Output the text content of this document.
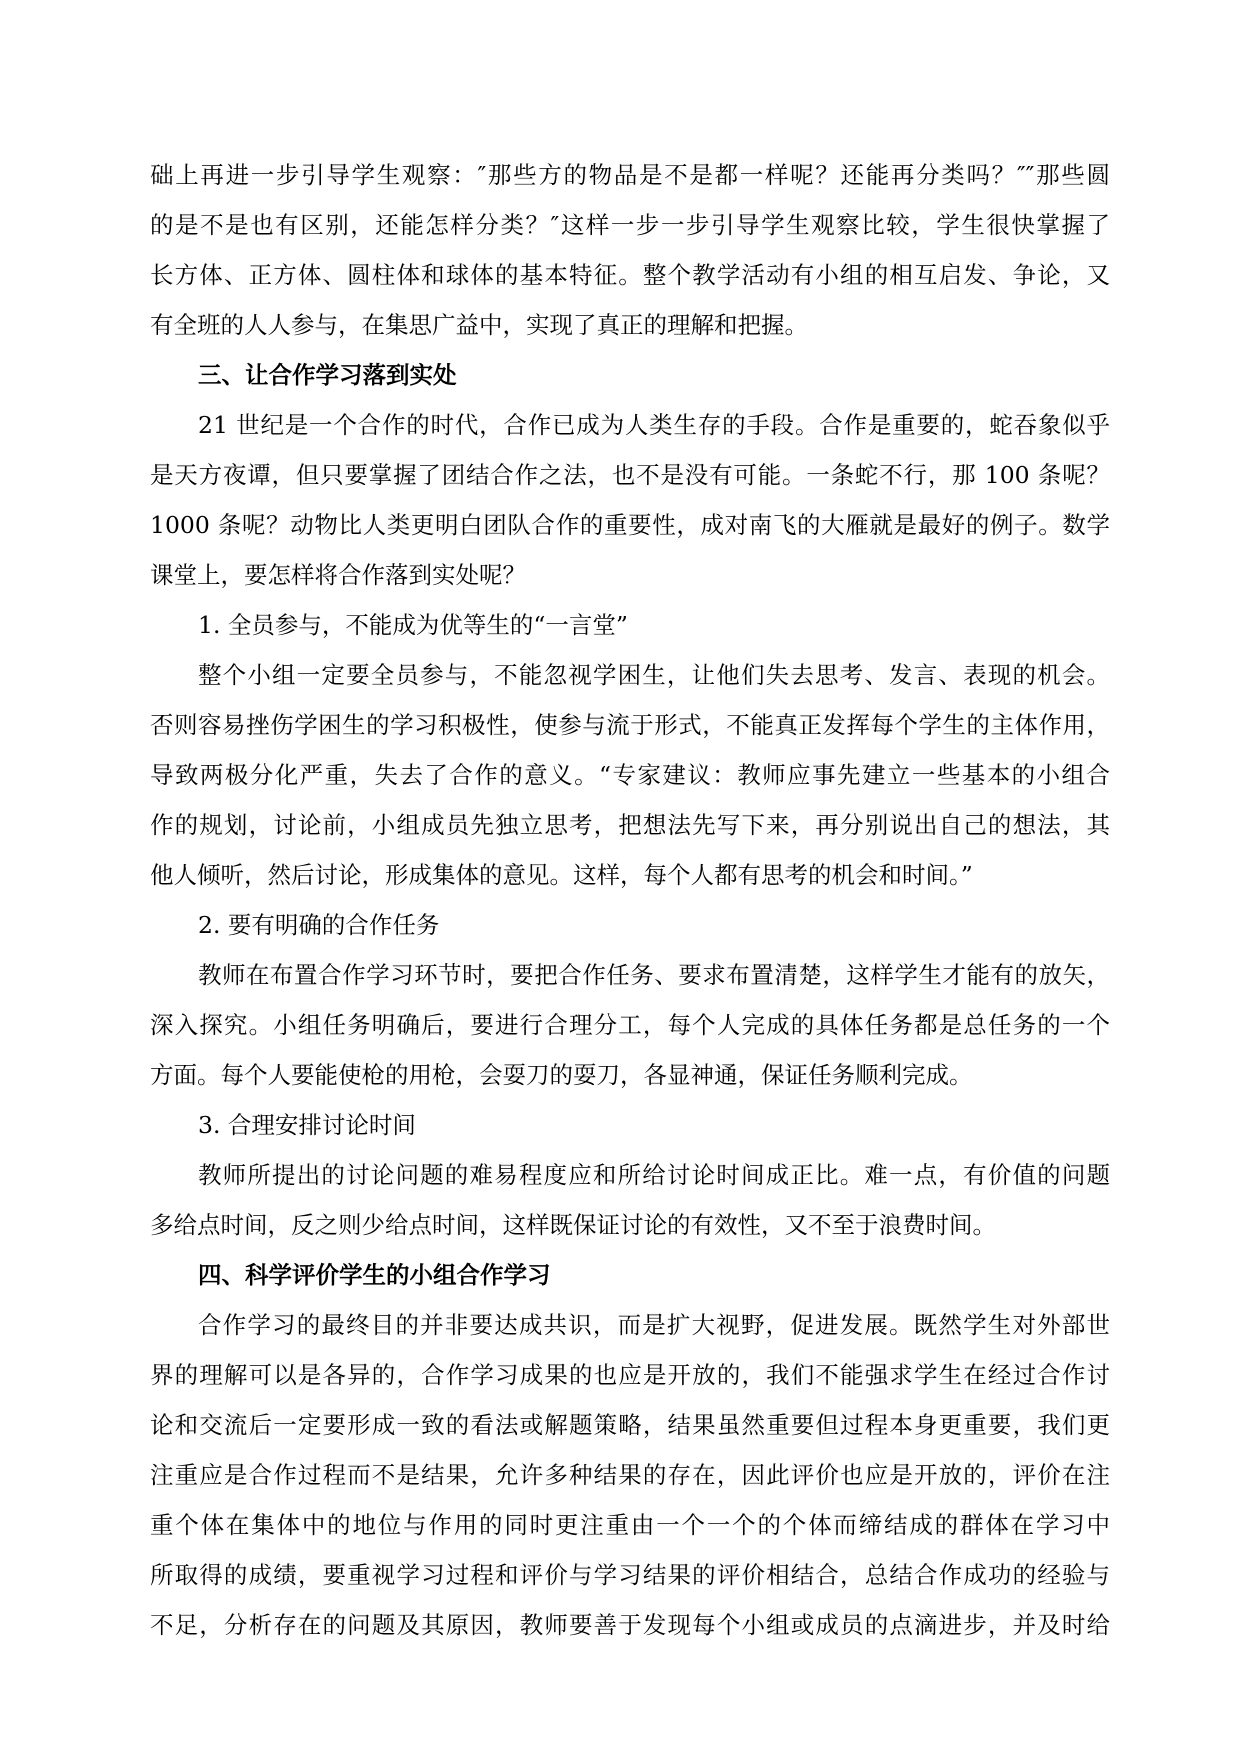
础上再进一步引导学生观察：″那些方的物品是不是都一样呢？还能再分类吗？″″那些圆
的是不是也有区别，还能怎样分类？″这样一步一步引导学生观察比较，学生很快掌握了
长方体、正方体、圆柱体和球体的基本特征。整个教学活动有小组的相互启发、争论，又
有全班的人人参与，在集思广益中，实现了真正的理解和把握。
三、让合作学习落到实处
21 世纪是一个合作的时代，合作已成为人类生存的手段。合作是重要的，蛇吞象似乎
是天方夜谭，但只要掌握了团结合作之法，也不是没有可能。一条蛇不行，那 100 条呢？
1000 条呢？动物比人类更明白团队合作的重要性，成对南飞的大雁就是最好的例子。数学
课堂上，要怎样将合作落到实处呢？
1. 全员参与，不能成为优等生的“一言堂”
整个小组一定要全员参与，不能忽视学困生，让他们失去思考、发言、表现的机会。
否则容易挫伤学困生的学习积极性，使参与流于形式，不能真正发挥每个学生的主体作用，
导致两极分化严重，失去了合作的意义。“专家建议：教师应事先建立一些基本的小组合
作的规划，讨论前，小组成员先独立思考，把想法先写下来，再分别说出自己的想法，其
他人倾听，然后讨论，形成集体的意见。这样，每个人都有思考的机会和时间。”
2. 要有明确的合作任务
教师在布置合作学习环节时，要把合作任务、要求布置清楚，这样学生才能有的放矢，
深入探究。小组任务明确后，要进行合理分工，每个人完成的具体任务都是总任务的一个
方面。每个人要能使枪的用枪，会耍刀的耍刀，各显神通，保证任务顺利完成。
3. 合理安排讨论时间
教师所提出的讨论问题的难易程度应和所给讨论时间成正比。难一点，有价值的问题
多给点时间，反之则少给点时间，这样既保证讨论的有效性，又不至于浪费时间。
四、科学评价学生的小组合作学习
合作学习的最终目的并非要达成共识，而是扩大视野，促进发展。既然学生对外部世
界的理解可以是各异的，合作学习成果的也应是开放的，我们不能强求学生在经过合作讨
论和交流后一定要形成一致的看法或解题策略，结果虽然重要但过程本身更重要，我们更
注重应是合作过程而不是结果，允许多种结果的存在，因此评价也应是开放的，评价在注
重个体在集体中的地位与作用的同时更注重由一个一个的个体而缔结成的群体在学习中
所取得的成绩，要重视学习过程和评价与学习结果的评价相结合，总结合作成功的经验与
不足，分析存在的问题及其原因，教师要善于发现每个小组或成员的点滴进步，并及时给
